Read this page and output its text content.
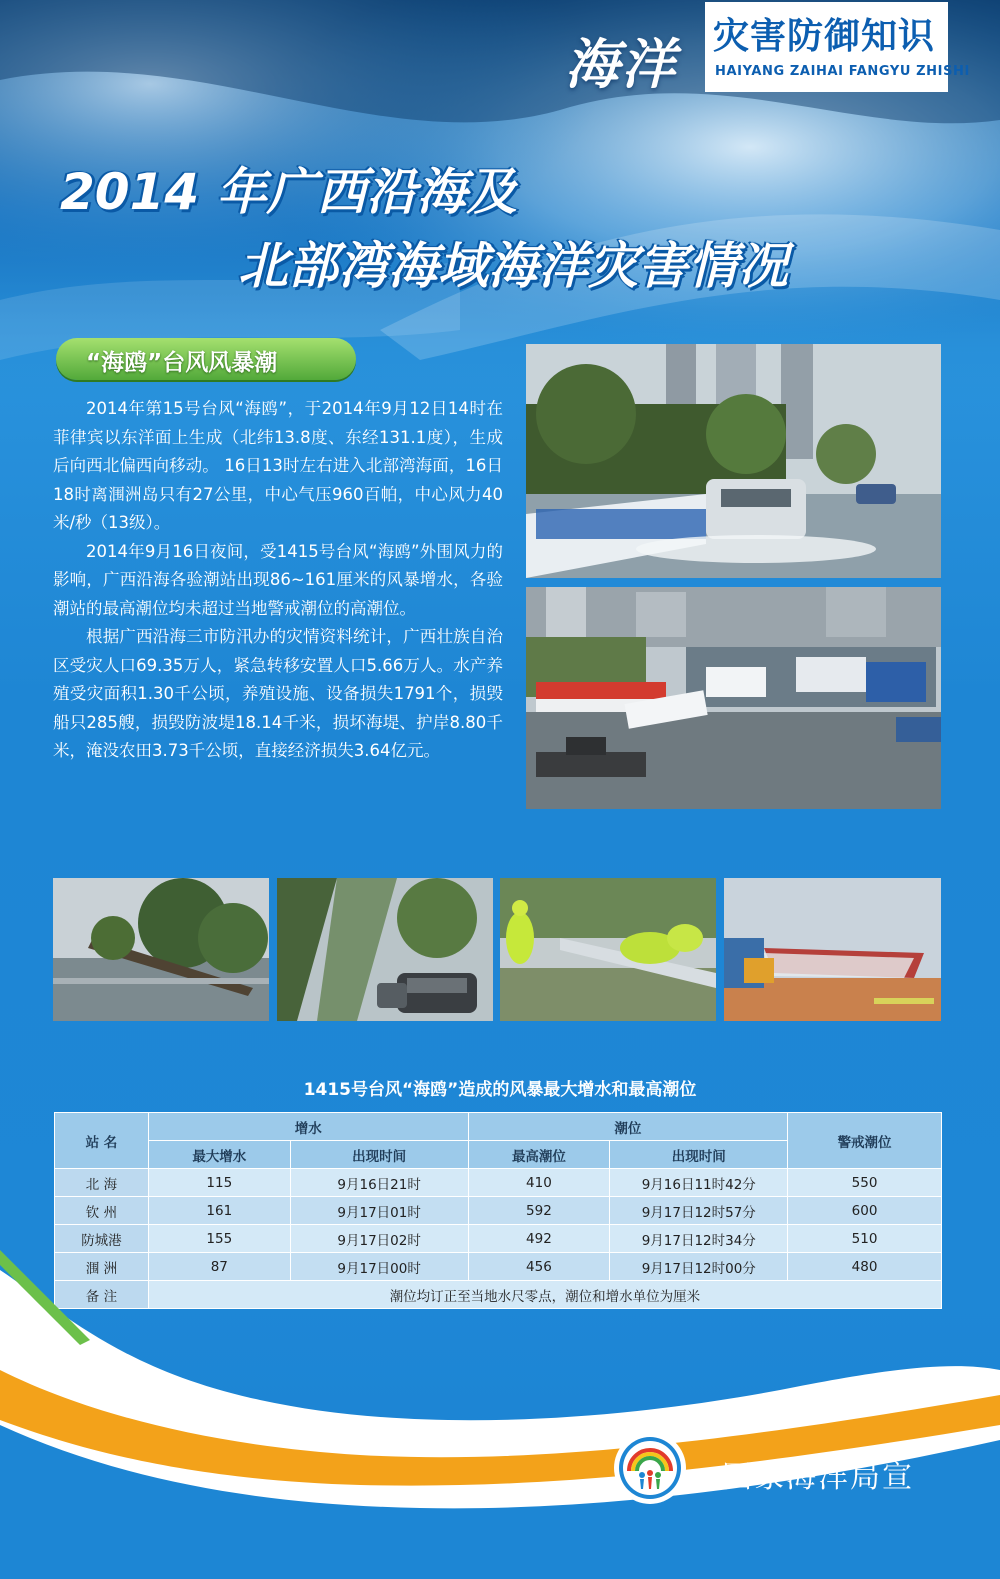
海洋 灾害防御知识
HAIYANG ZAIHAI FANGYU ZHISHI
2014 年广西沿海及
北部湾海域海洋灾害情况
“海鸥”台风风暴潮

2014年第15号台风“海鸥”，于2014年9月12日14时在菲律宾以东洋面上生成（北纬13.8度、东经131.1度），生成后向西北偏西向移动。 16日13时左右进入北部湾海面，16日18时离涠洲岛只有27公里，中心气压960百帕，中心风力40米/秒（13级）。

2014年9月16日夜间，受1415号台风“海鸥”外围风力的影响，广西沿海各验潮站出现86~161厘米的风暴增水，各验潮站的最高潮位均未超过当地警戒潮位的高潮位。

根据广西沿海三市防汛办的灾情资料统计，广西壮族自治区受灾人口69.35万人，紧急转移安置人口5.66万人。水产养殖受灾面积1.30千公顷，养殖设施、设备损失1791个，损毁船只285艘，损毁防波堤18.14千米，损坏海堤、护岸8.80千米，淹没农田3.73千公顷，直接经济损失3.64亿元。

1415号台风“海鸥”造成的风暴最大增水和最高潮位
站 名	增水		潮位		警戒潮位
	最大增水	出现时间	最高潮位	出现时间	
北 海	115	9月16日21时	410	9月16日11时42分	550
钦 州	161	9月17日01时	592	9月17日12时57分	600
防城港	155	9月17日02时	492	9月17日12时34分	510
涠 洲	87	9月17日00时	456	9月17日12时00分	480
备 注	潮位均订正至当地水尺零点，潮位和增水单位为厘米				
国家海洋局宣
